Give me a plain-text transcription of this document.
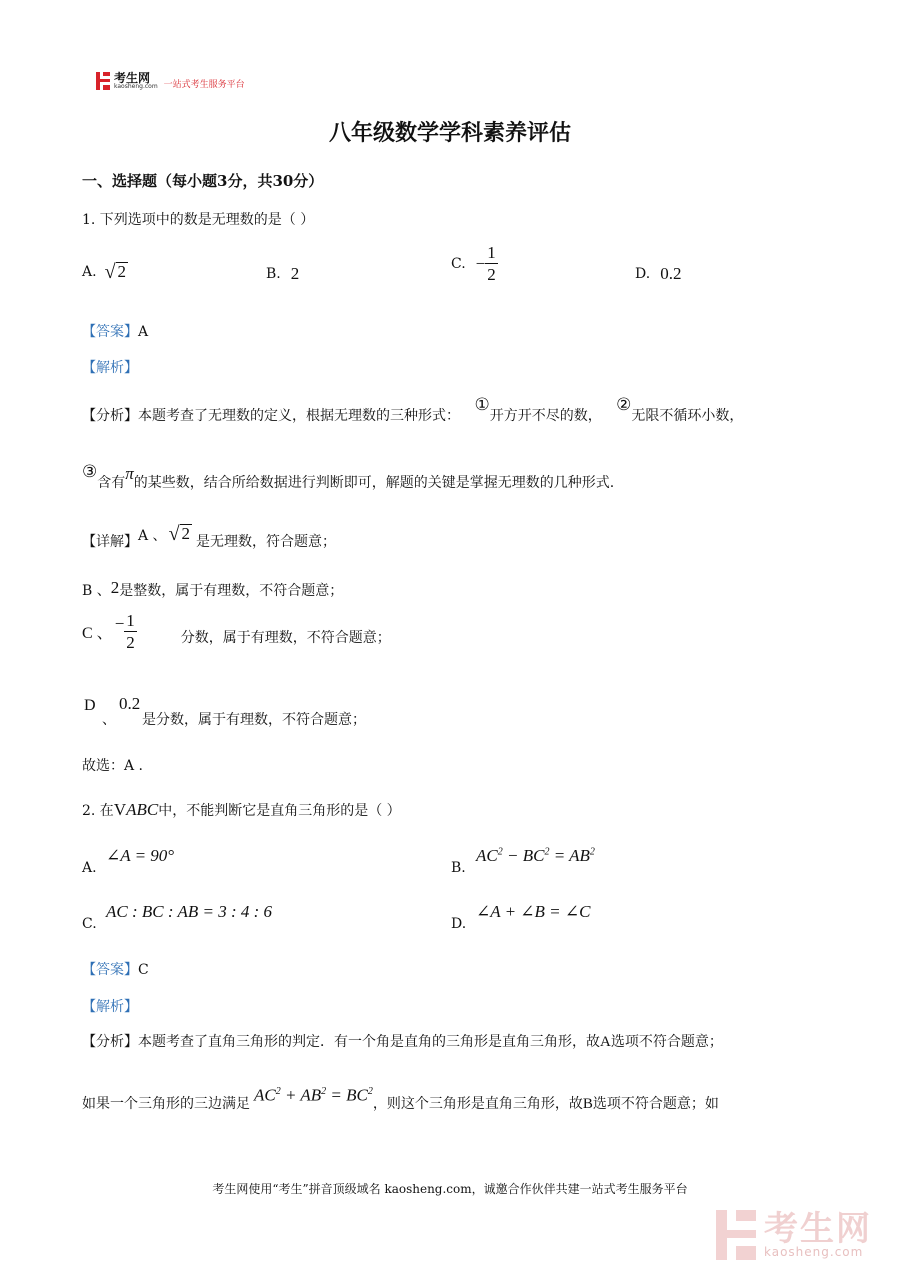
考生网
kaosheng.com 一站式考生服务平台
八年级数学学科素养评估
一、选择题（每小题3分，共30分）
1. 下列选项中的数是无理数的是（ ）
A. √ 2	B. 2
C. − $\frac{1}{2}$	D. 0.2
【答案】A
【解析】
【分析】本题考查了无理数的定义，根据无理数的三种形式： ①开方开不尽的数， ②无限不循环小数，
③含有π的某些数，结合所给数据进行判断即可，解题的关键是掌握无理数的几种形式.
【详解】 A 、 √ 2 是无理数，符合题意；
B 、2是整数，属于有理数，不符合题意；
C 、
− $\frac{1}{2}$	分数，属于有理数，不符合题意；
D 0.2
、 是分数，属于有理数，不符合题意；
故选：A .
2. 在VABC中，不能判断它是直角三角形的是（ ）
A.
∠A = 90°
B.
$AC^2 - BC^2 = AB^2$
C.
AC : BC : AB = 3 : 4 : 6
D.
∠A + ∠B = ∠C
【答案】C
【解析】
【分析】本题考查了直角三角形的判定．有一个角是直角的三角形是直角三角形，故A选项不符合题意；
如果一个三角形的三边满足 $AC^2 + AB^2 = BC^2$
，则这个三角形是直角三角形，故 B 选项不符合题意；如
考生网使用“考生”拼音顶级域名 kaosheng.com，诚邀合作伙伴共建一站式考生服务平台
考生网
kaosheng.com
